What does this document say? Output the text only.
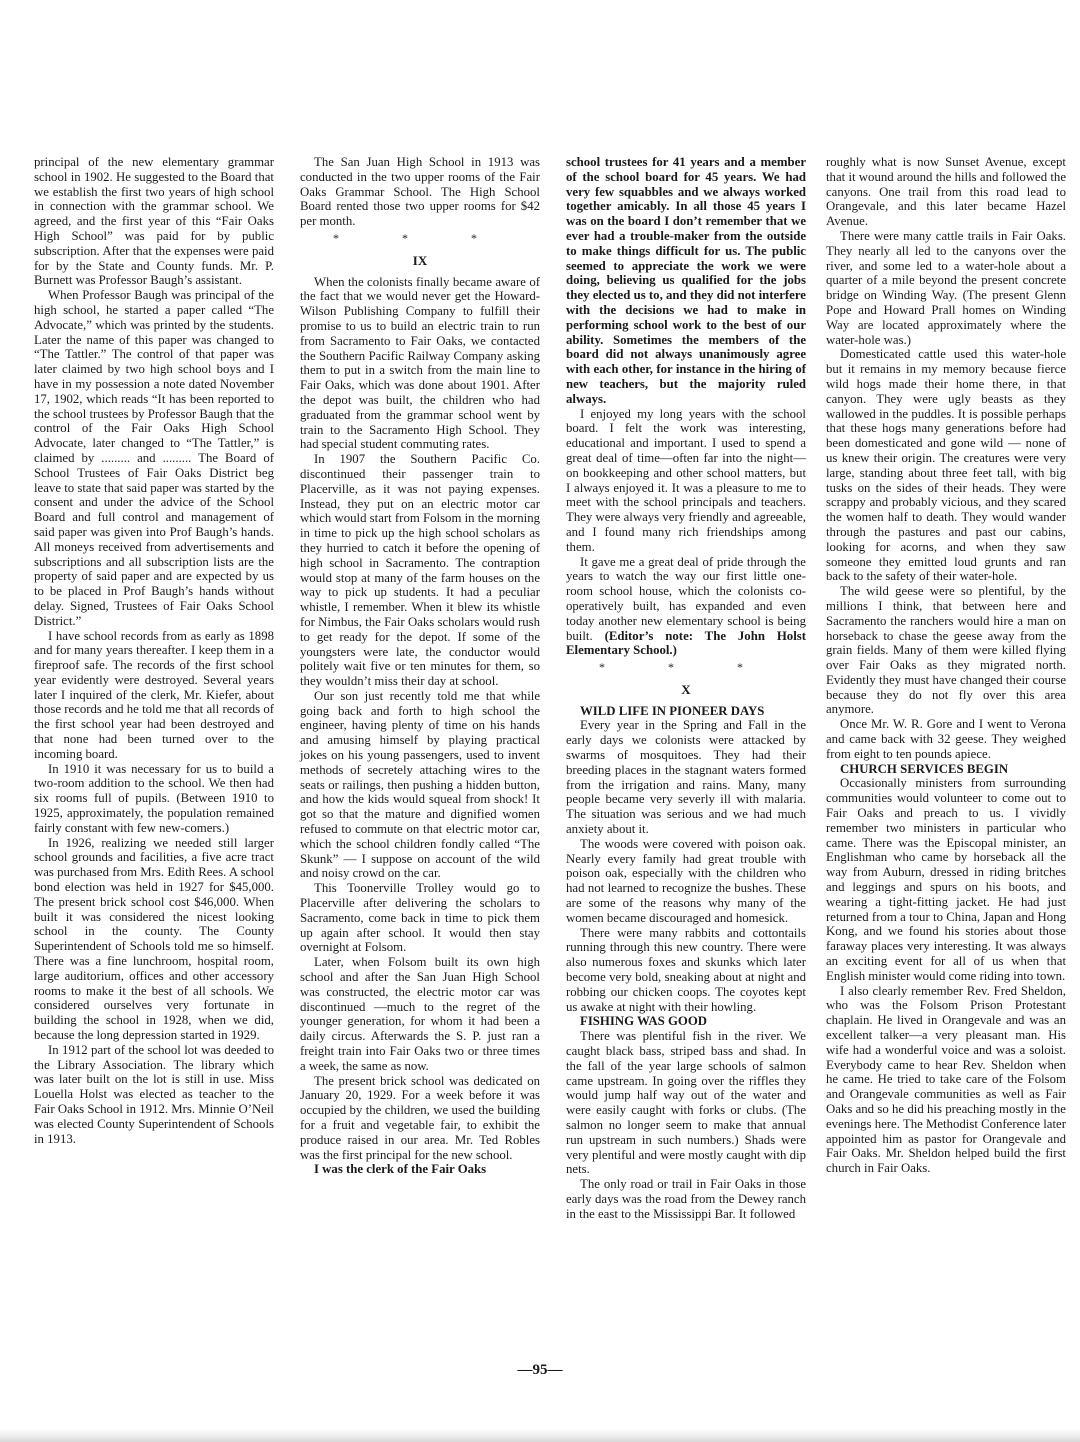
principal of the new elementary grammar school in 1902. He suggested to the Board that we establish the first two years of high school in connection with the grammar school. We agreed, and the first year of this “Fair Oaks High School” was paid for by public subscription. After that the expenses were paid for by the State and County funds. Mr. P. Burnett was Professor Baugh’s assistant.

When Professor Baugh was principal of the high school, he started a paper called “The Advocate,” which was printed by the students. Later the name of this paper was changed to “The Tattler.” The control of that paper was later claimed by two high school boys and I have in my possession a note dated November 17, 1902, which reads “It has been reported to the school trustees by Professor Baugh that the control of the Fair Oaks High School Advocate, later changed to “The Tattler,” is claimed by ......... and ......... The Board of School Trustees of Fair Oaks District beg leave to state that said paper was started by the consent and under the advice of the School Board and full control and management of said paper was given into Prof Baugh’s hands. All moneys received from advertisements and subscriptions and all subscription lists are the property of said paper and are expected by us to be placed in Prof Baugh’s hands without delay. Signed, Trustees of Fair Oaks School District.”

I have school records from as early as 1898 and for many years thereafter. I keep them in a fireproof safe. The records of the first school year evidently were destroyed. Several years later I inquired of the clerk, Mr. Kiefer, about those records and he told me that all records of the first school year had been destroyed and that none had been turned over to the incoming board.

In 1910 it was necessary for us to build a two-room addition to the school. We then had six rooms full of pupils. (Between 1910 to 1925, approximately, the population remained fairly constant with few new-comers.)

In 1926, realizing we needed still larger school grounds and facilities, a five acre tract was purchased from Mrs. Edith Rees. A school bond election was held in 1927 for $45,000. The present brick school cost $46,000. When built it was considered the nicest looking school in the county. The County Superintendent of Schools told me so himself. There was a fine lunchroom, hospital room, large auditorium, offices and other accessory rooms to make it the best of all schools. We considered ourselves very fortunate in building the school in 1928, when we did, because the long depression started in 1929.

In 1912 part of the school lot was deeded to the Library Association. The library which was later built on the lot is still in use. Miss Louella Holst was elected as teacher to the Fair Oaks School in 1912. Mrs. Minnie O’Neil was elected County Superintendent of Schools in 1913.

The San Juan High School in 1913 was conducted in the two upper rooms of the Fair Oaks Grammar School. The High School Board rented those two upper rooms for $42 per month.

* * *
IX

When the colonists finally became aware of the fact that we would never get the Howard-Wilson Publishing Company to fulfill their promise to us to build an electric train to run from Sacramento to Fair Oaks, we contacted the Southern Pacific Railway Company asking them to put in a switch from the main line to Fair Oaks, which was done about 1901. After the depot was built, the children who had graduated from the grammar school went by train to the Sacramento High School. They had special student commuting rates.

In 1907 the Southern Pacific Co. discontinued their passenger train to Placerville, as it was not paying expenses. Instead, they put on an electric motor car which would start from Folsom in the morning in time to pick up the high school scholars as they hurried to catch it before the opening of high school in Sacramento. The contraption would stop at many of the farm houses on the way to pick up students. It had a peculiar whistle, I remember. When it blew its whistle for Nimbus, the Fair Oaks scholars would rush to get ready for the depot. If some of the youngsters were late, the conductor would politely wait five or ten minutes for them, so they wouldn’t miss their day at school.

Our son just recently told me that while going back and forth to high school the engineer, having plenty of time on his hands and amusing himself by playing practical jokes on his young passengers, used to invent methods of secretely attaching wires to the seats or railings, then pushing a hidden button, and how the kids would squeal from shock! It got so that the mature and dignified women refused to commute on that electric motor car, which the school children fondly called “The Skunk” — I suppose on account of the wild and noisy crowd on the car.

This Toonerville Trolley would go to Placerville after delivering the scholars to Sacramento, come back in time to pick them up again after school. It would then stay overnight at Folsom.

Later, when Folsom built its own high school and after the San Juan High School was constructed, the electric motor car was discontinued —much to the regret of the younger generation, for whom it had been a daily circus. Afterwards the S. P. just ran a freight train into Fair Oaks two or three times a week, the same as now.

The present brick school was dedicated on January 20, 1929. For a week before it was occupied by the children, we used the building for a fruit and vegetable fair, to exhibit the produce raised in our area. Mr. Ted Robles was the first principal for the new school.

I was the clerk of the Fair Oaks

school trustees for 41 years and a member of the school board for 45 years. We had very few squabbles and we always worked together amicably. In all those 45 years I was on the board I don’t remember that we ever had a trouble-maker from the outside to make things difficult for us. The public seemed to appreciate the work we were doing, believing us qualified for the jobs they elected us to, and they did not interfere with the decisions we had to make in performing school work to the best of our ability. Sometimes the members of the board did not always unanimously agree with each other, for instance in the hiring of new teachers, but the majority ruled always.

I enjoyed my long years with the school board. I felt the work was interesting, educational and important. I used to spend a great deal of time—often far into the night—on bookkeeping and other school matters, but I always enjoyed it. It was a pleasure to me to meet with the school principals and teachers. They were always very friendly and agreeable, and I found many rich friendships among them.

It gave me a great deal of pride through the years to watch the way our first little one-room school house, which the colonists co-operatively built, has expanded and even today another new elementary school is being built. (Editor’s note: The John Holst Elementary School.)

* * *
X

WILD LIFE IN PIONEER DAYS

Every year in the Spring and Fall in the early days we colonists were attacked by swarms of mosquitoes. They had their breeding places in the stagnant waters formed from the irrigation and rains. Many, many people became very severly ill with malaria. The situation was serious and we had much anxiety about it.

The woods were covered with poison oak. Nearly every family had great trouble with poison oak, especially with the children who had not learned to recognize the bushes. These are some of the reasons why many of the women became discouraged and homesick.

There were many rabbits and cottontails running through this new country. There were also numerous foxes and skunks which later become very bold, sneaking about at night and robbing our chicken coops. The coyotes kept us awake at night with their howling.

FISHING WAS GOOD

There was plentiful fish in the river. We caught black bass, striped bass and shad. In the fall of the year large schools of salmon came upstream. In going over the riffles they would jump half way out of the water and were easily caught with forks or clubs. (The salmon no longer seem to make that annual run upstream in such numbers.) Shads were very plentiful and were mostly caught with dip nets.

The only road or trail in Fair Oaks in those early days was the road from the Dewey ranch in the east to the Mississippi Bar. It followed

roughly what is now Sunset Avenue, except that it wound around the hills and followed the canyons. One trail from this road lead to Orangevale, and this later became Hazel Avenue.

There were many cattle trails in Fair Oaks. They nearly all led to the canyons over the river, and some led to a water-hole about a quarter of a mile beyond the present concrete bridge on Winding Way. (The present Glenn Pope and Howard Prall homes on Winding Way are located approximately where the water-hole was.)

Domesticated cattle used this water-hole but it remains in my memory because fierce wild hogs made their home there, in that canyon. They were ugly beasts as they wallowed in the puddles. It is possible perhaps that these hogs many generations before had been domesticated and gone wild — none of us knew their origin. The creatures were very large, standing about three feet tall, with big tusks on the sides of their heads. They were scrappy and probably vicious, and they scared the women half to death. They would wander through the pastures and past our cabins, looking for acorns, and when they saw someone they emitted loud grunts and ran back to the safety of their water-hole.

The wild geese were so plentiful, by the millions I think, that between here and Sacramento the ranchers would hire a man on horseback to chase the geese away from the grain fields. Many of them were killed flying over Fair Oaks as they migrated north. Evidently they must have changed their course because they do not fly over this area anymore.

Once Mr. W. R. Gore and I went to Verona and came back with 32 geese. They weighed from eight to ten pounds apiece.

CHURCH SERVICES BEGIN

Occasionally ministers from surrounding communities would volunteer to come out to Fair Oaks and preach to us. I vividly remember two ministers in particular who came. There was the Episcopal minister, an Englishman who came by horseback all the way from Auburn, dressed in riding britches and leggings and spurs on his boots, and wearing a tight-fitting jacket. He had just returned from a tour to China, Japan and Hong Kong, and we found his stories about those faraway places very interesting. It was always an exciting event for all of us when that English minister would come riding into town.

I also clearly remember Rev. Fred Sheldon, who was the Folsom Prison Protestant chaplain. He lived in Orangevale and was an excellent talker—a very pleasant man. His wife had a wonderful voice and was a soloist. Everybody came to hear Rev. Sheldon when he came. He tried to take care of the Folsom and Orangevale communities as well as Fair Oaks and so he did his preaching mostly in the evenings here. The Methodist Conference later appointed him as pastor for Orangevale and Fair Oaks. Mr. Sheldon helped build the first church in Fair Oaks.

—95—
